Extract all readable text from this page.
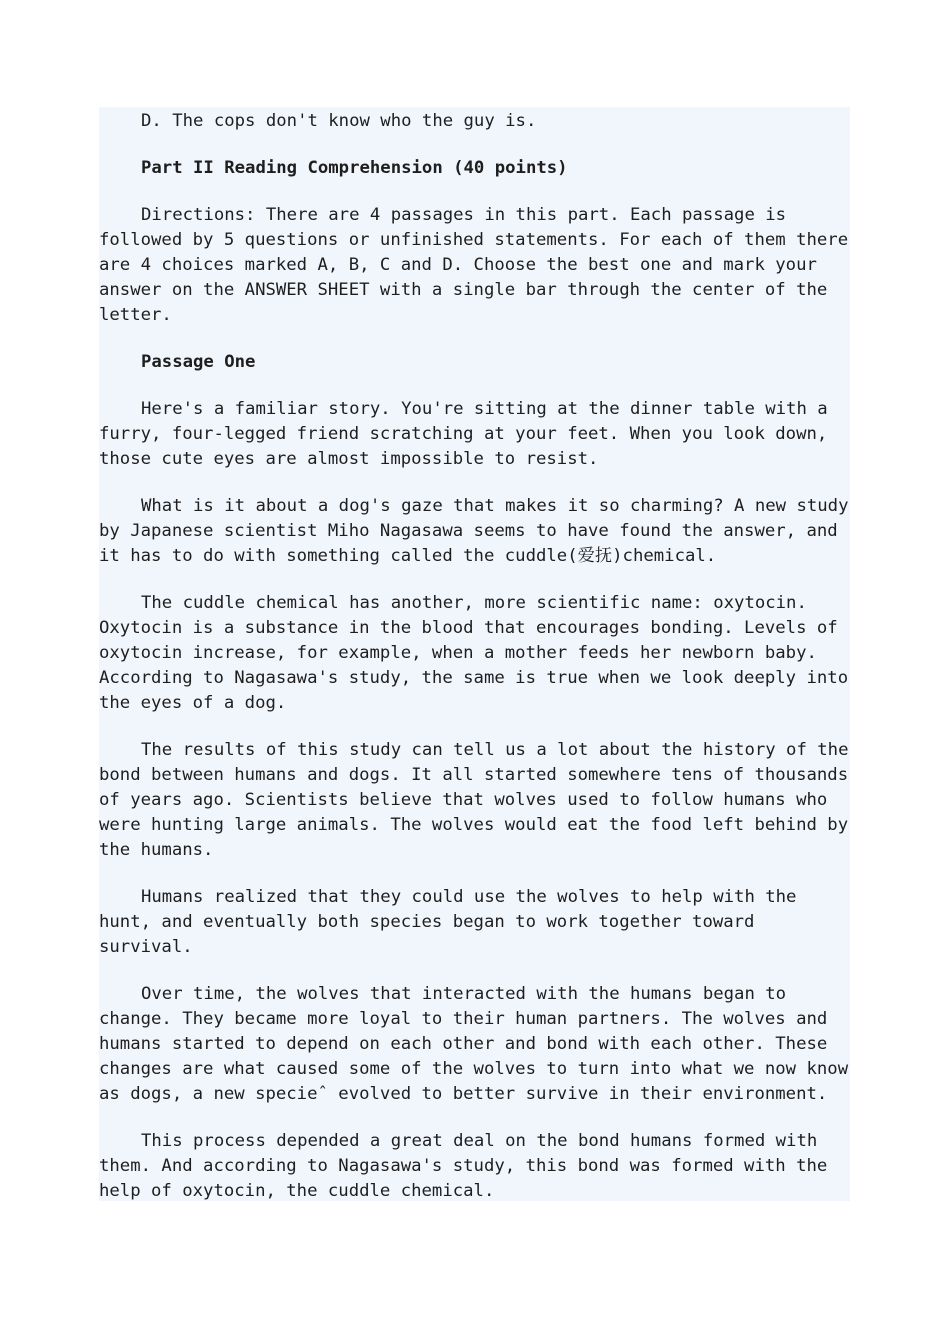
D. The cops don't know who the guy is.

Part II Reading Comprehension (40 points)

Directions: There are 4 passages in this part. Each passage is
followed by 5 questions or unfinished statements. For each of them there
are 4 choices marked A, B, C and D. Choose the best one and mark your
answer on the ANSWER SHEET with a single bar through the center of the
letter.

Passage One

Here's a familiar story. You're sitting at the dinner table with a
furry, four-legged friend scratching at your feet. When you look down,
those cute eyes are almost impossible to resist.

What is it about a dog's gaze that makes it so charming? A new study
by Japanese scientist Miho Nagasawa seems to have found the answer, and
it has to do with something called the cuddle(爱抚)chemical.

The cuddle chemical has another, more scientific name: oxytocin.
Oxytocin is a substance in the blood that encourages bonding. Levels of
oxytocin increase, for example, when a mother feeds her newborn baby.
According to Nagasawa's study, the same is true when we look deeply into
the eyes of a dog.

The results of this study can tell us a lot about the history of the
bond between humans and dogs. It all started somewhere tens of thousands
of years ago. Scientists believe that wolves used to follow humans who
were hunting large animals. The wolves would eat the food left behind by
the humans.

Humans realized that they could use the wolves to help with the
hunt, and eventually both species began to work together toward
survival.

Over time, the wolves that interacted with the humans began to
change. They became more loyal to their human partners. The wolves and
humans started to depend on each other and bond with each other. These
changes are what caused some of the wolves to turn into what we now know
as dogs, a new specieˆ evolved to better survive in their environment.

This process depended a great deal on the bond humans formed with
them. And according to Nagasawa's study, this bond was formed with the
help of oxytocin, the cuddle chemical.
